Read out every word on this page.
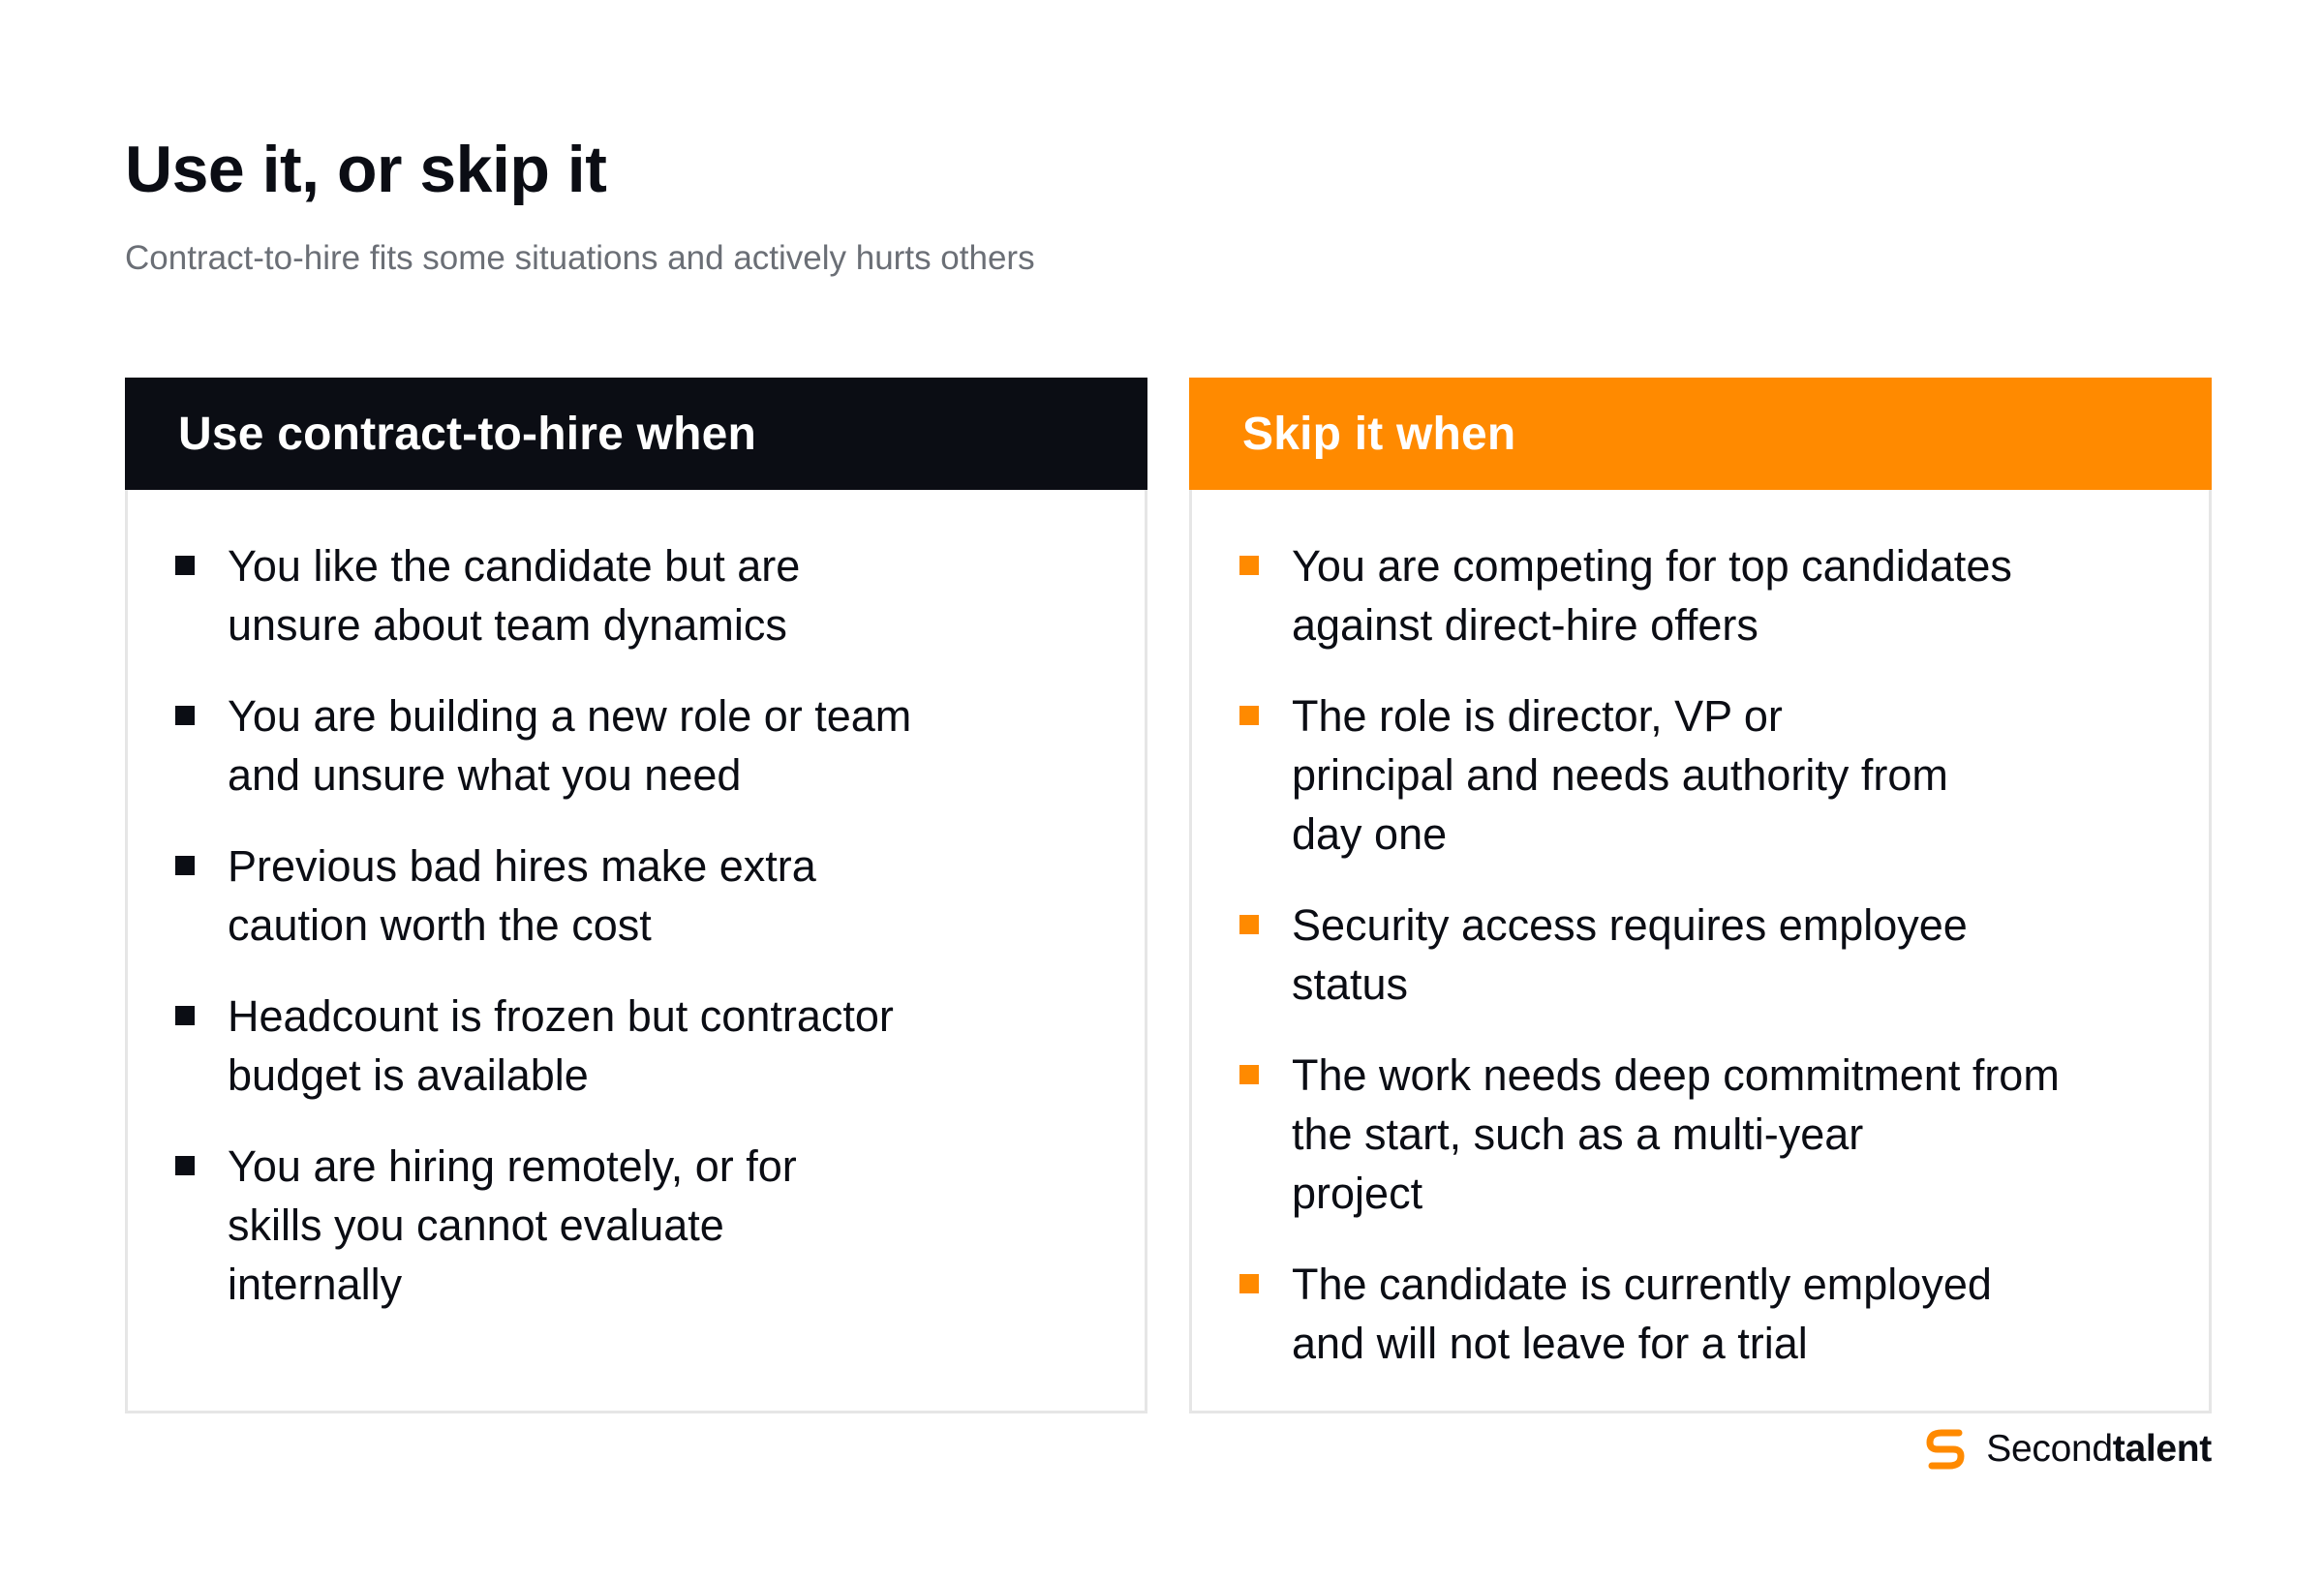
Use it, or skip it

Contract-to-hire fits some situations and actively hurts others

Use contract-to-hire when
You like the candidate but are
unsure about team dynamics
You are building a new role or team
and unsure what you need
Previous bad hires make extra
caution worth the cost
Headcount is frozen but contractor
budget is available
You are hiring remotely, or for
skills you cannot evaluate
internally
Skip it when
You are competing for top candidates
against direct-hire offers
The role is director, VP or
principal and needs authority from
day one
Security access requires employee
status
The work needs deep commitment from
the start, such as a multi-year
project
The candidate is currently employed
and will not leave for a trial
Secondtalent
